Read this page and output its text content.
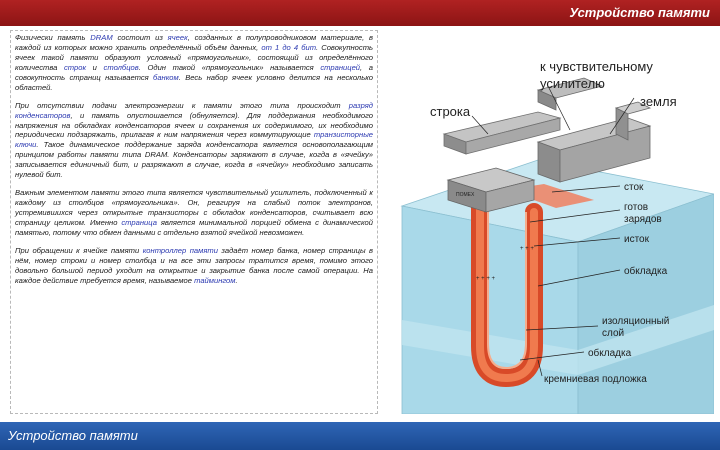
Устройство памяти

Физически память DRAM состоит из ячеек, созданных в полупроводниковом материале, в каждой из которых можно хранить определённый объём данных, от 1 до 4 бит. Совокупность ячеек такой памяти образуют условный «прямоугольник», состоящий из определённого количества строк и столбцов. Один такой «прямоугольник» называется страницей, а совокупность страниц называется банком. Весь набор ячеек условно делится на несколько областей.

При отсутствии подачи электроэнергии к памяти этого типа происходит разряд конденсаторов, и память опустошается (обнуляется). Для поддержания необходимого напряжения на обкладках конденсаторов ячеек и сохранения их содержимого, их необходимо периодически подзаряжать, прилагая к ним напряжения через коммутирующие транзисторные ключи. Такое динамическое поддержание заряда конденсатора является основополагающим принципом работы памяти типа DRAM. Конденсаторы заряжают в случае, когда в «ячейку» записывается единичный бит, и разряжают в случае, когда в «ячейку» необходимо записать нулевой бит.

Важным элементом памяти этого типа является чувствительный усилитель, подключенный к каждому из столбцов «прямоугольника». Он, реагируя на слабый поток электронов, устремившихся через открытые транзисторы с обкладок конденсаторов, считывает всю страницу целиком. Именно страница является минимальной порцией обмена с динамической памятью, потому что обмен данными с отдельно взятой ячейкой невозможен.

При обращении к ячейке памяти контроллер памяти задаёт номер банка, номер страницы в нём, номер строки и номер столбца и на все эти запросы тратится время, помимо этого довольно большой период уходит на открытие и закрытие банка после самой операции. На каждое действие требуется время, называемое таймингом.	+ + + +
+ + +
ПОМЕХ
к чувствительному
усилителю
земля
строка
сток
готов
зарядов
исток
обкладка
изоляционный
слой
обкладка
кремниевая подложка
Устройство памяти
